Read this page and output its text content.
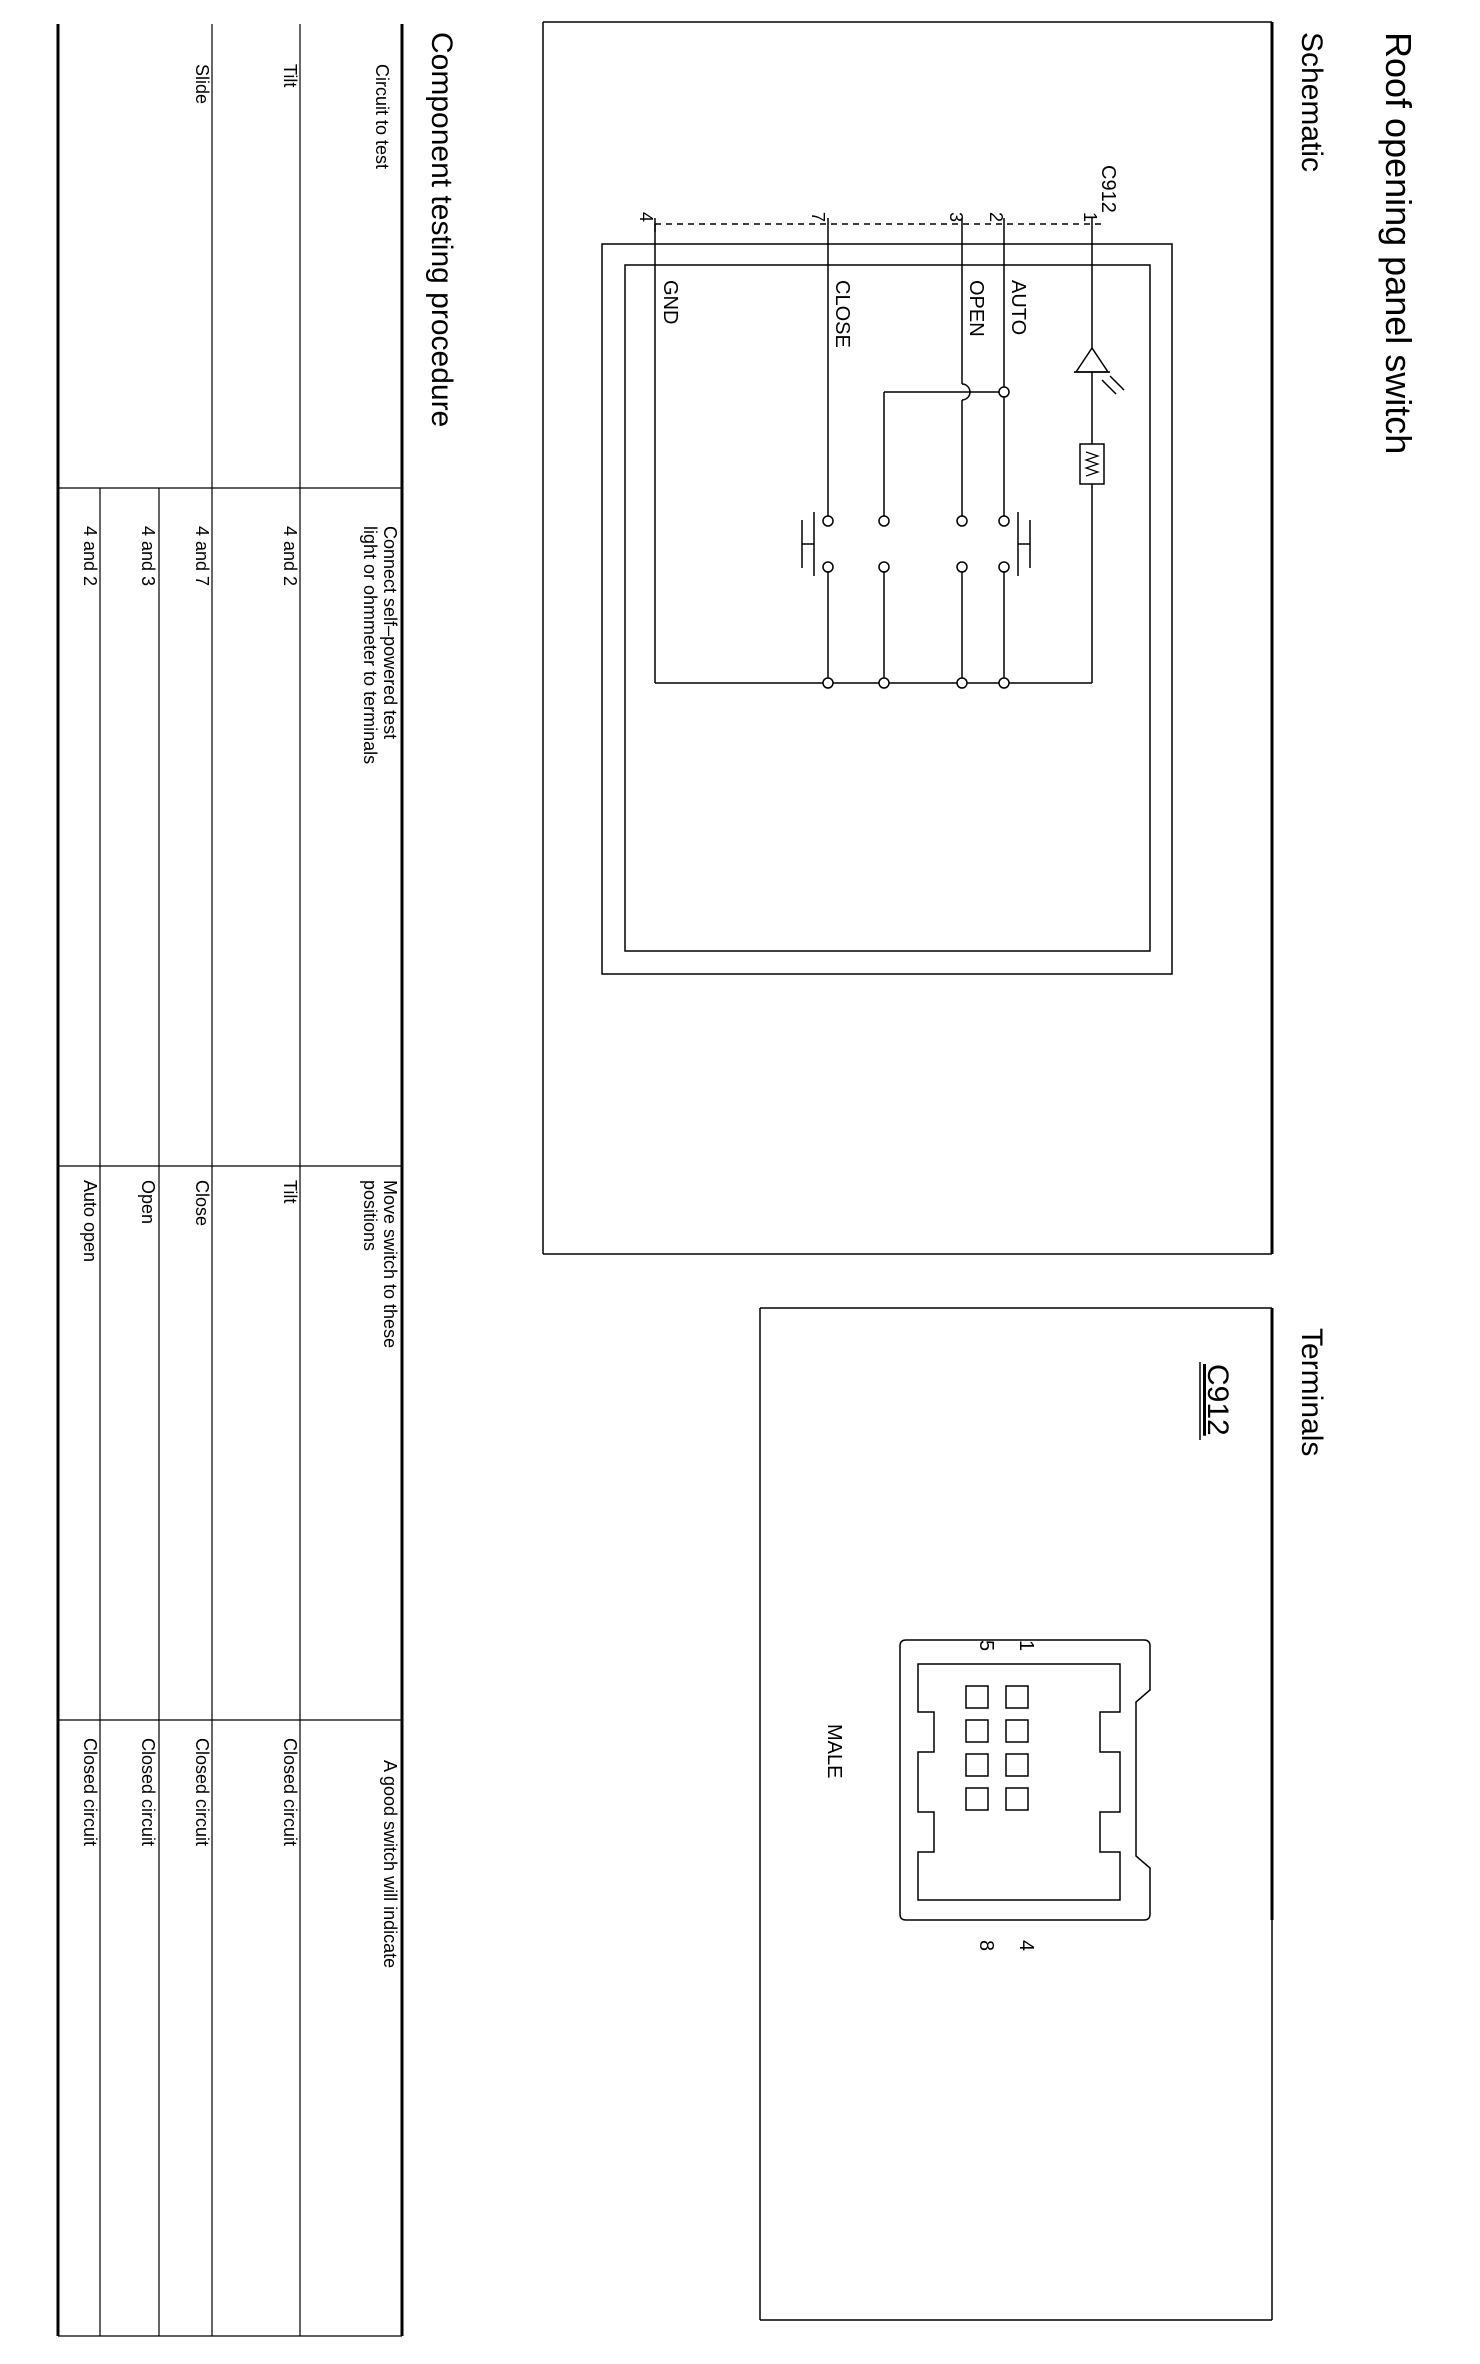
Roof opening panel switch
Schematic
Terminals
Component testing procedure	C912
1
2
3
7
4
AUTO
OPEN
CLOSE
GND
C912
1
5
4
8
MALE
Circuit to test
Connect self–powered test
light or ohmmeter to terminals
Move switch to these
positions
A good switch will indicate
Tilt
4 and 2
Tilt
Closed circuit
Slide
4 and 7
Close
Closed circuit
4 and 3
Open
Closed circuit
4 and 2
Auto open
Closed circuit
